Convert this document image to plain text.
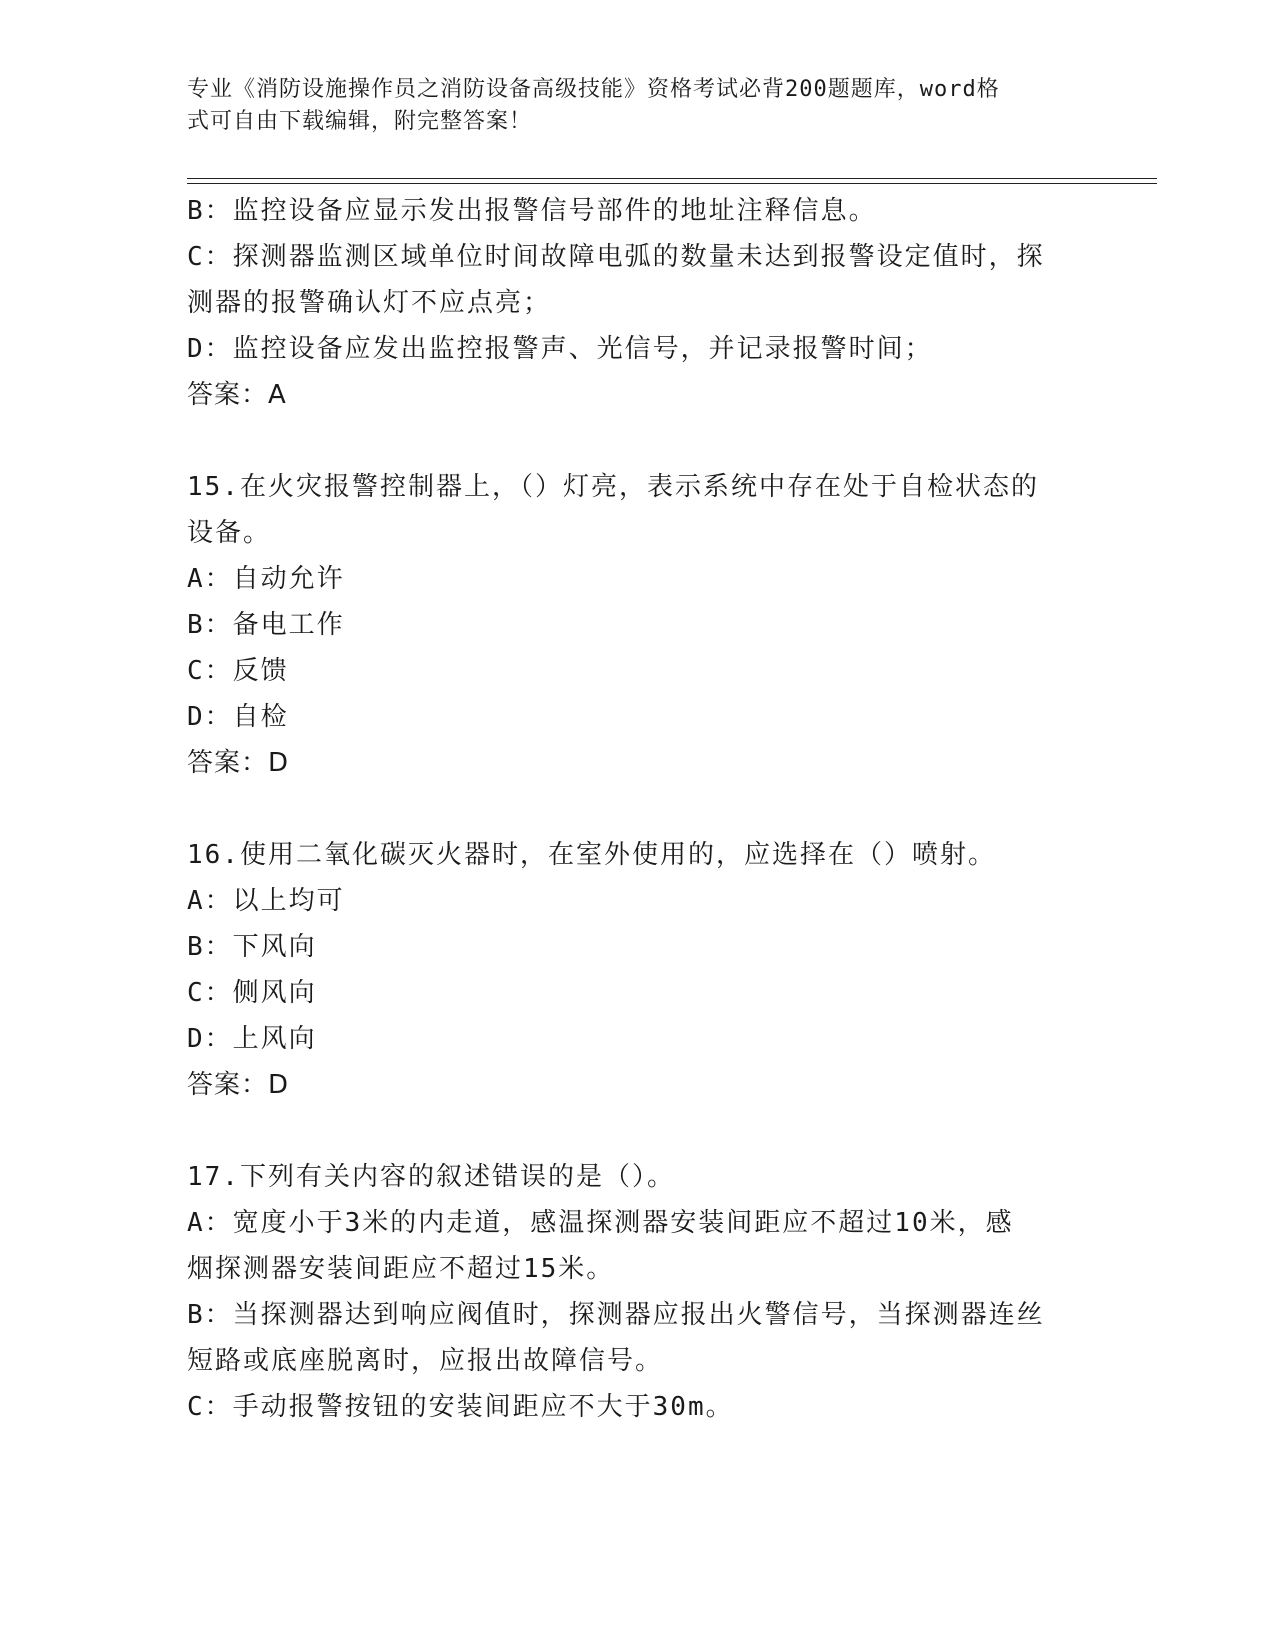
专业《消防设施操作员之消防设备高级技能》资格考试必背200题题库，word格
式可自由下载编辑，附完整答案！
B：监控设备应显示发出报警信号部件的地址注释信息。
C：探测器监测区域单位时间故障电弧的数量未达到报警设定值时，探
测器的报警确认灯不应点亮；
D：监控设备应发出监控报警声、光信号，并记录报警时间；
答案：A
15.在火灾报警控制器上，（）灯亮，表示系统中存在处于自检状态的
设备。
A：自动允许
B：备电工作
C：反馈
D：自检
答案：D
16.使用二氧化碳灭火器时，在室外使用的，应选择在（）喷射。
A：以上均可
B：下风向
C：侧风向
D：上风向
答案：D
17.下列有关内容的叙述错误的是（）。
A：宽度小于3米的内走道，感温探测器安装间距应不超过10米，感
烟探测器安装间距应不超过15米。
B：当探测器达到响应阀值时，探测器应报出火警信号，当探测器连丝
短路或底座脱离时，应报出故障信号。
C：手动报警按钮的安装间距应不大于30m。
